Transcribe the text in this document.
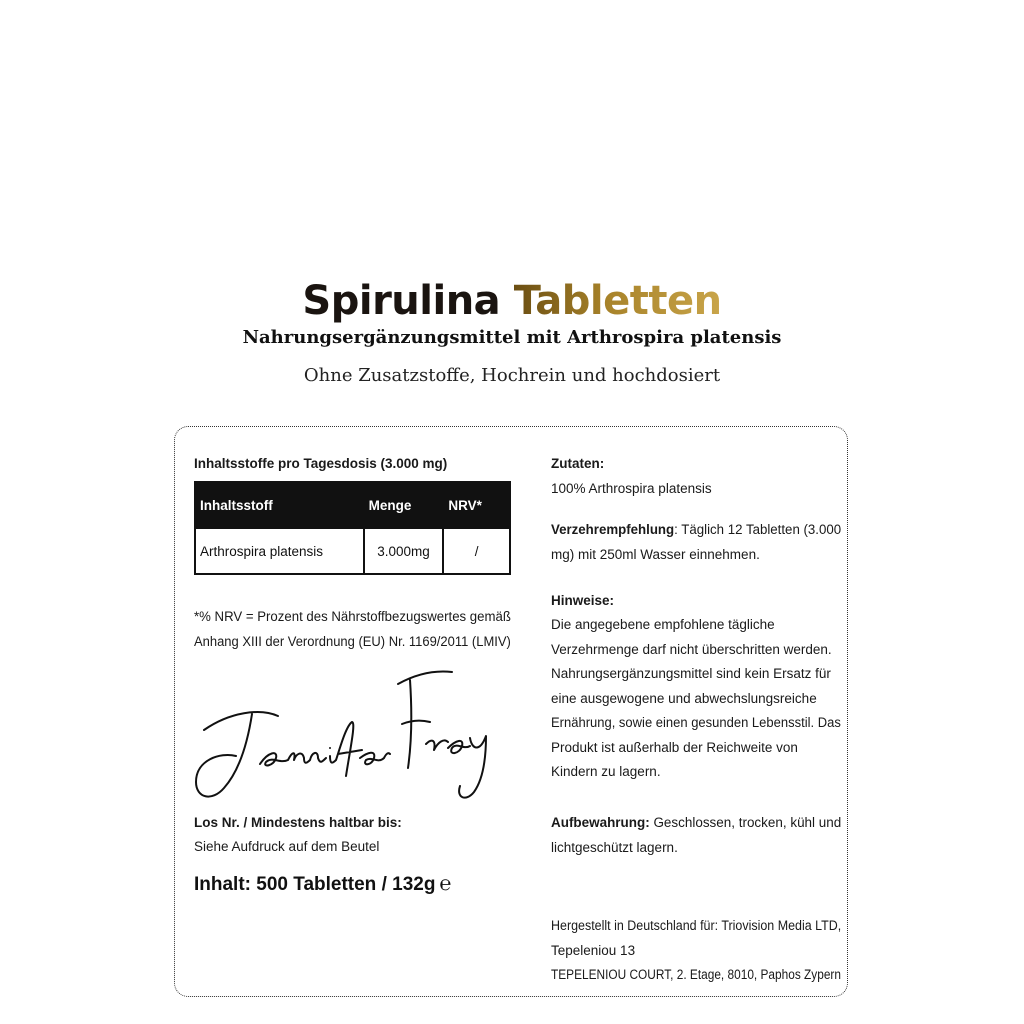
Spirulina Tabletten
Nahrungsergänzungsmittel mit Arthrospira platensis
Ohne Zusatzstoffe, Hochrein und hochdosiert
Inhaltsstoffe pro Tagesdosis (3.000 mg)
Inhaltsstoff	Menge	NRV*
Arthrospira platensis	3.000mg	/
*% NRV = Prozent des Nährstoffbezugswertes gemäß Anhang XIII der Verordnung (EU) Nr. 1169/2011 (LMIV)
Los Nr. / Mindestens haltbar bis:
Siehe Aufdruck auf dem Beutel
Inhalt: 500 Tabletten / 132g ℮
Zutaten:
100% Arthrospira platensis
Verzehrempfehlung: Täglich 12 Tabletten (3.000
mg) mit 250ml Wasser einnehmen.
Hinweise:
Die angegebene empfohlene tägliche
Verzehrmenge darf nicht überschritten werden.
Nahrungsergänzungsmittel sind kein Ersatz für
eine ausgewogene und abwechslungsreiche
Ernährung, sowie einen gesunden Lebensstil. Das
Produkt ist außerhalb der Reichweite von
Kindern zu lagern.
Aufbewahrung: Geschlossen, trocken, kühl und
lichtgeschützt lagern.
Hergestellt in Deutschland für: Triovision Media LTD,
Tepeleniou 13
TEPELENIOU COURT, 2. Etage, 8010, Paphos Zypern
